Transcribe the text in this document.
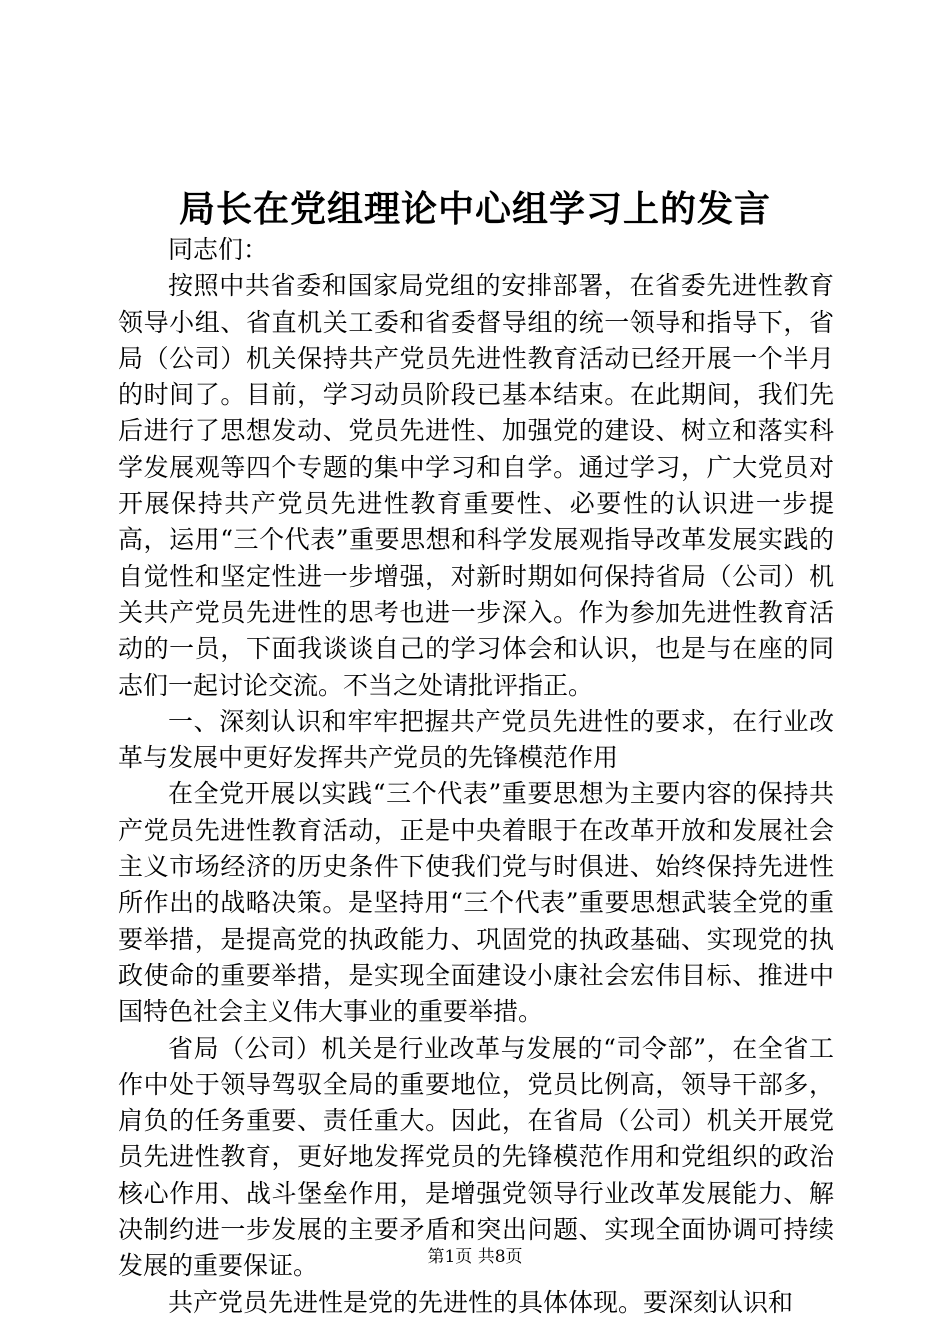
局长在党组理论中心组学习上的发言

同志们：

按照中共省委和国家局党组的安排部署，在省委先进性教育领导小组、省直机关工委和省委督导组的统一领导和指导下，省局（公司）机关保持共产党员先进性教育活动已经开展一个半月的时间了。目前，学习动员阶段已基本结束。在此期间，我们先后进行了思想发动、党员先进性、加强党的建设、树立和落实科学发展观等四个专题的集中学习和自学。通过学习，广大党员对开展保持共产党员先进性教育重要性、必要性的认识进一步提高，运用“三个代表”重要思想和科学发展观指导改革发展实践的自觉性和坚定性进一步增强，对新时期如何保持省局（公司）机关共产党员先进性的思考也进一步深入。作为参加先进性教育活动的一员，下面我谈谈自己的学习体会和认识，也是与在座的同志们一起讨论交流。不当之处请批评指正。

一、深刻认识和牢牢把握共产党员先进性的要求，在行业改革与发展中更好发挥共产党员的先锋模范作用

在全党开展以实践“三个代表”重要思想为主要内容的保持共产党员先进性教育活动，正是中央着眼于在改革开放和发展社会主义市场经济的历史条件下使我们党与时俱进、始终保持先进性所作出的战略决策。是坚持用“三个代表”重要思想武装全党的重要举措，是提高党的执政能力、巩固党的执政基础、实现党的执政使命的重要举措，是实现全面建设小康社会宏伟目标、推进中国特色社会主义伟大事业的重要举措。

省局（公司）机关是行业改革与发展的“司令部”，在全省工作中处于领导驾驭全局的重要地位，党员比例高，领导干部多，肩负的任务重要、责任重大。因此，在省局（公司）机关开展党员先进性教育，更好地发挥党员的先锋模范作用和党组织的政治核心作用、战斗堡垒作用，是增强党领导行业改革发展能力、解决制约进一步发展的主要矛盾和突出问题、实现全面协调可持续发展的重要保证。

共产党员先进性是党的先进性的具体体现。要深刻认识和

第1页 共8页
